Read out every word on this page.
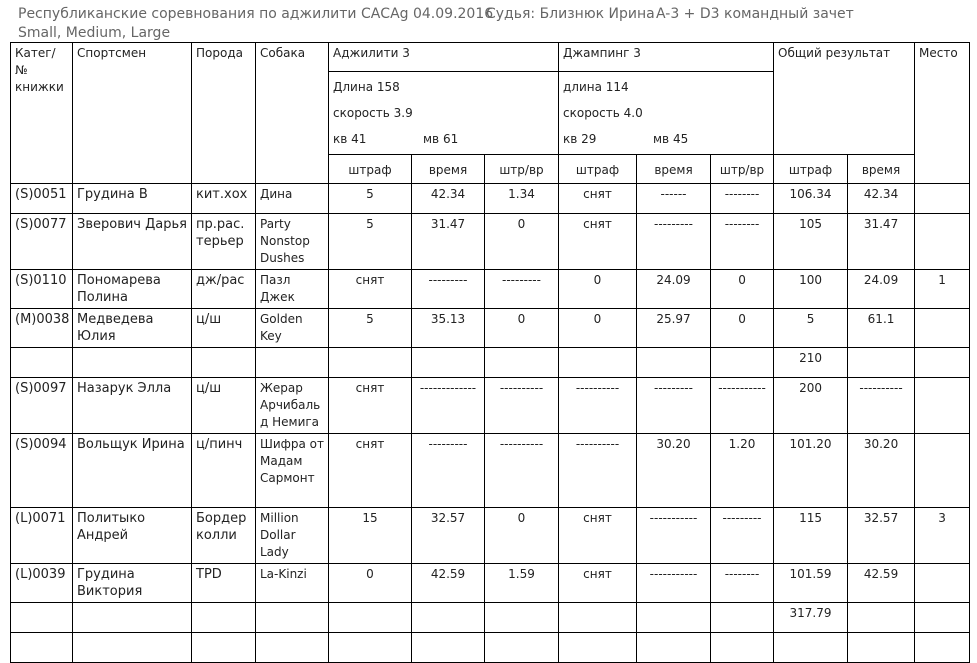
Республиканские соревнования по аджилити САСАg 04.09.2016
Судья: Близнюк Ирина A-3 + D3 командный зачет
Small, Medium, Large
Катег/ № книжки	Спортсмен	Порода	Собака	Аджилити 3			Джампинг 3			Общий результат		Место

				Длина 158
скорость 3.9
кв 41 мв 61			длина 114
скорость 4.0
кв 29 мв 45					

				штраф	время	штр/вр	штраф	время	штр/вр	штраф	время	
(S)0051	Грудина В	кит.хох	Дина	5	42.34	1.34	снят	------	--------	106.34	42.34	
(S)0077	Зверович Дарья	пр.рас. терьер	Party Nonstop Dushes	5	31.47	0	снят	---------	--------	105	31.47	
(S)0110	Пономарева Полина	дж/рас	Пазл Джек	снят	---------	---------	0	24.09	0	100	24.09	1
(M)0038	Медведева Юлия	ц/ш	Golden Key	5	35.13	0	0	25.97	0	5	61.1	
										210		
(S)0097	Назарук Элла	ц/ш	Жерар Арчибаль д Немига	снят	-------------	----------	----------	---------	-----------	200	----------	
(S)0094	Вольщук Ирина	ц/пинч	Шифра от Мадам Сармонт	снят	---------	----------	----------	30.20	1.20	101.20	30.20	
(L)0071	Политыко Андрей	Бордер колли	Million Dollar Lady	15	32.57	0	снят	-----------	---------	115	32.57	3
(L)0039	Грудина Виктория	TPD	La-Kinzi	0	42.59	1.59	снят	-----------	--------	101.59	42.59	
										317.79		
